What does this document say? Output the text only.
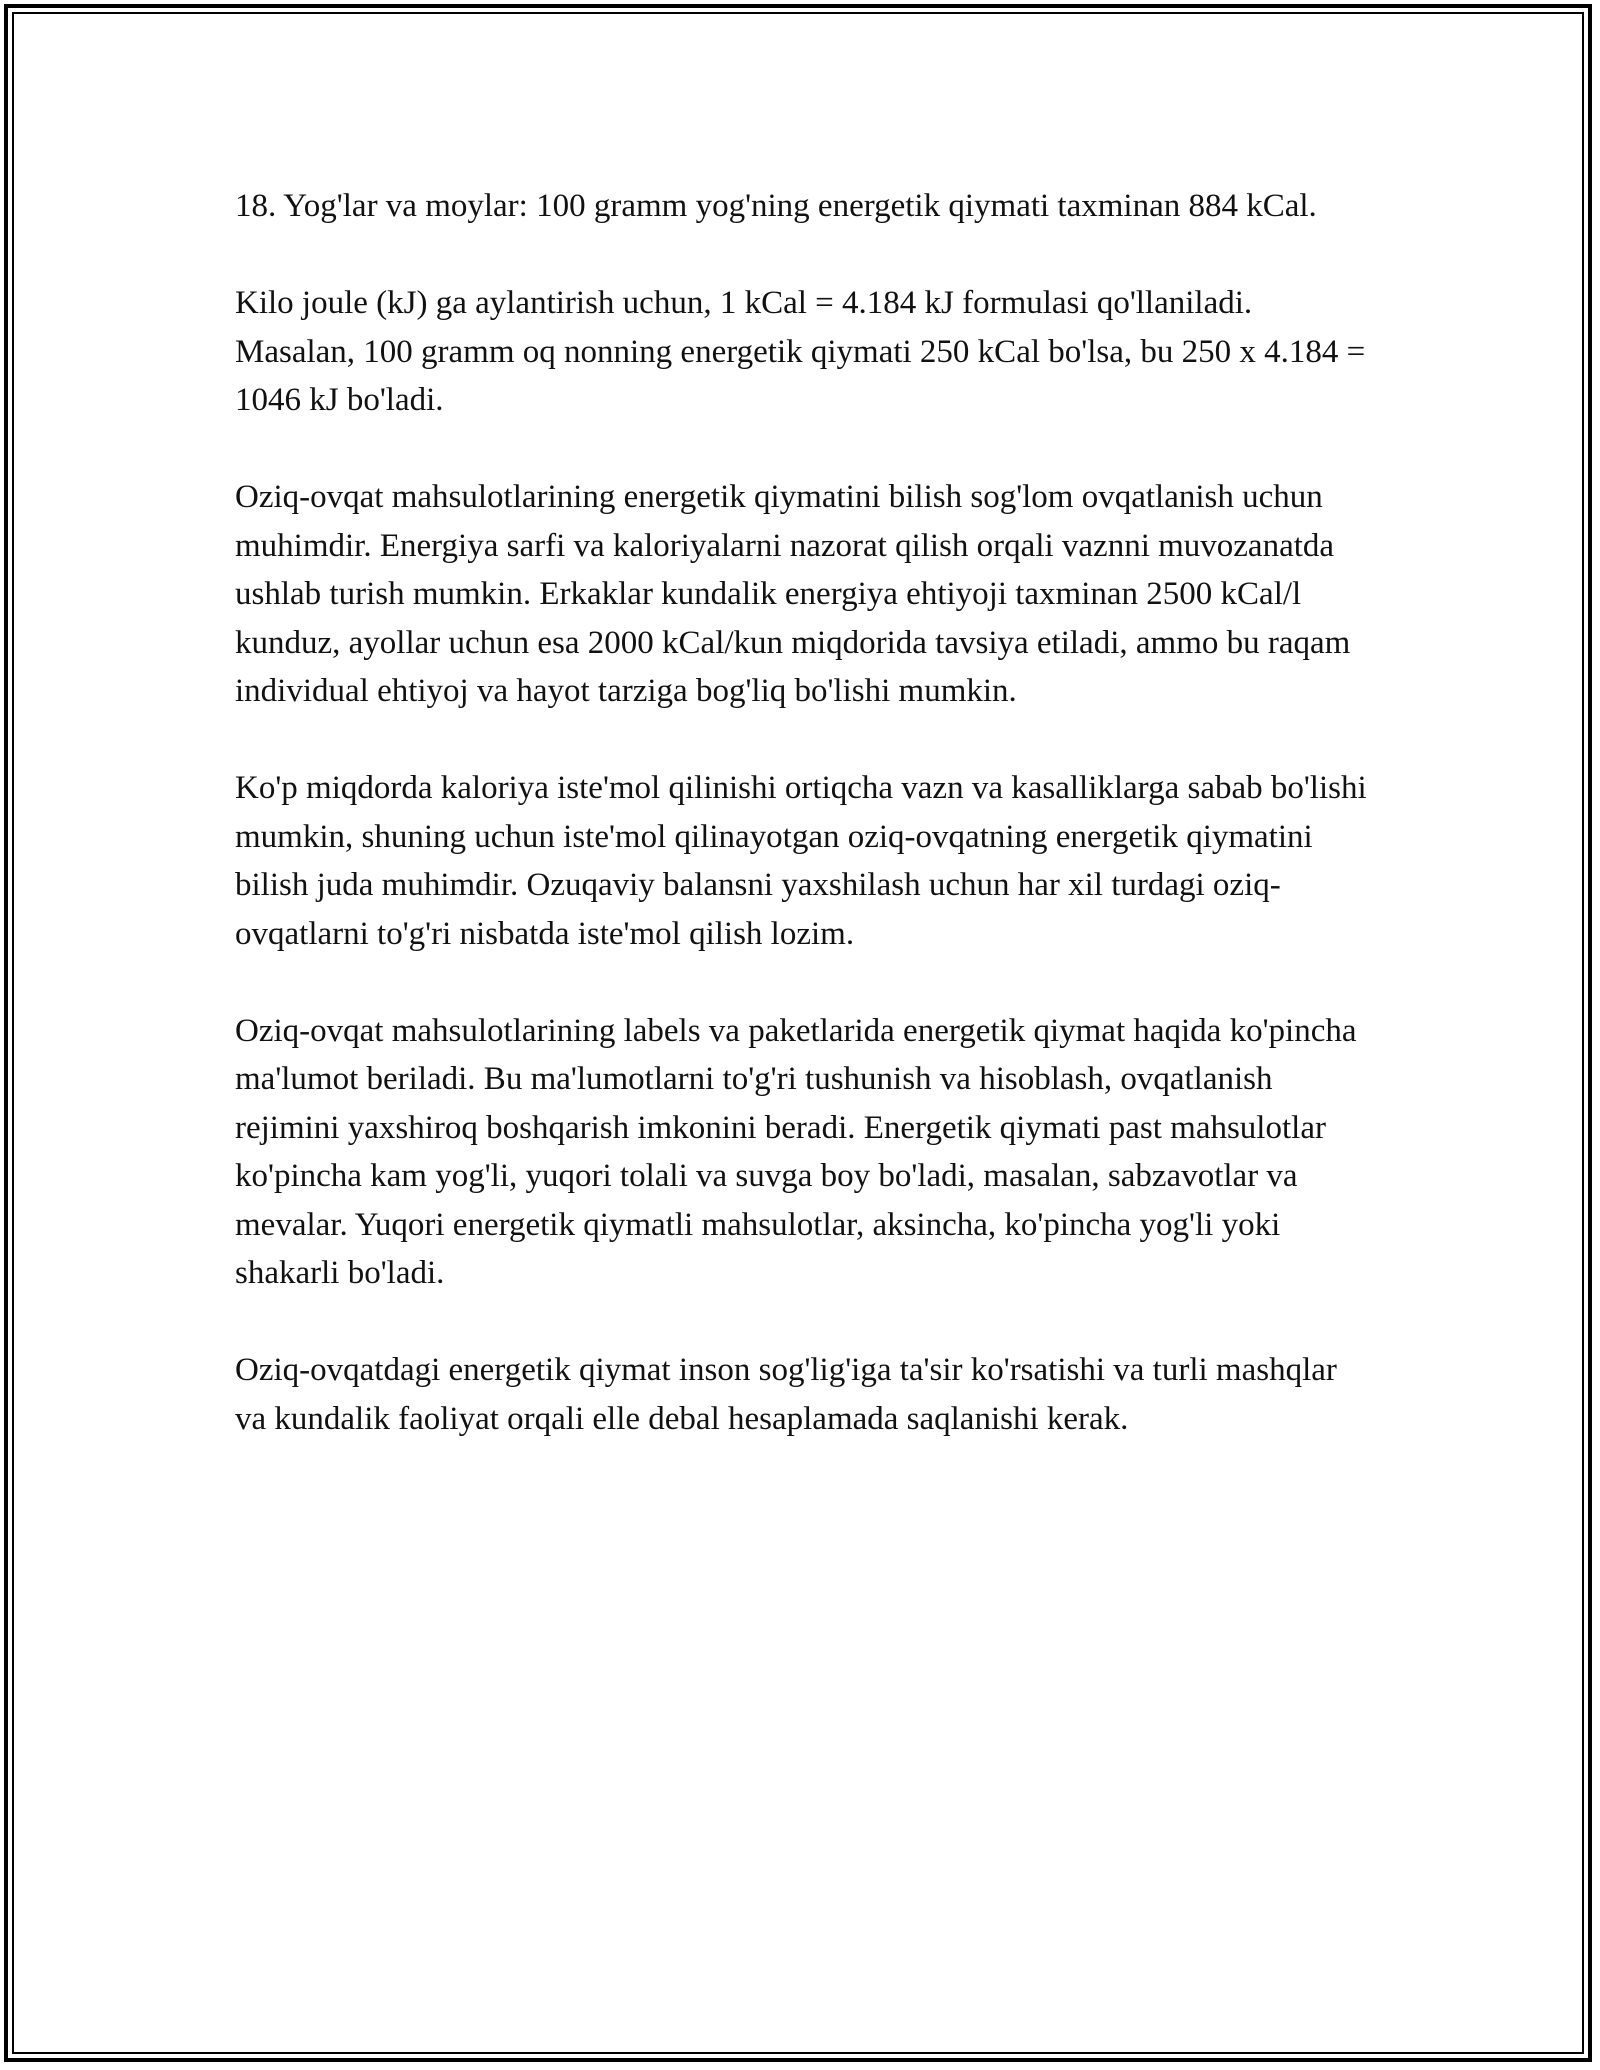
18. Yog'lar va moylar: 100 gramm yog'ning energetik qiymati taxminan 884 kCal.

Kilo joule (kJ) ga aylantirish uchun, 1 kCal = 4.184 kJ formulasi qo'llaniladi. Masalan, 100 gramm oq nonning energetik qiymati 250 kCal bo'lsa, bu 250 x 4.184 = 1046 kJ bo'ladi.

Oziq-ovqat mahsulotlarining energetik qiymatini bilish sog'lom ovqatlanish uchun muhimdir. Energiya sarfi va kaloriyalarni nazorat qilish orqali vaznni muvozanatda ushlab turish mumkin. Erkaklar kundalik energiya ehtiyoji taxminan 2500 kCal/l kunduz, ayollar uchun esa 2000 kCal/kun miqdorida tavsiya etiladi, ammo bu raqam individual ehtiyoj va hayot tarziga bog'liq bo'lishi mumkin.

Ko'p miqdorda kaloriya iste'mol qilinishi ortiqcha vazn va kasalliklarga sabab bo'lishi mumkin, shuning uchun iste'mol qilinayotgan oziq-ovqatning energetik qiymatini bilish juda muhimdir. Ozuqaviy balansni yaxshilash uchun har xil turdagi oziq-ovqatlarni to'g'ri nisbatda iste'mol qilish lozim.

Oziq-ovqat mahsulotlarining labels va paketlarida energetik qiymat haqida ko'pincha ma'lumot beriladi. Bu ma'lumotlarni to'g'ri tushunish va hisoblash, ovqatlanish rejimini yaxshiroq boshqarish imkonini beradi. Energetik qiymati past mahsulotlar ko'pincha kam yog'li, yuqori tolali va suvga boy bo'ladi, masalan, sabzavotlar va mevalar. Yuqori energetik qiymatli mahsulotlar, aksincha, ko'pincha yog'li yoki shakarli bo'ladi.

Oziq-ovqatdagi energetik qiymat inson sog'lig'iga ta'sir ko'rsatishi va turli mashqlar va kundalik faoliyat orqali elle debal hesaplamada saqlanishi kerak.
